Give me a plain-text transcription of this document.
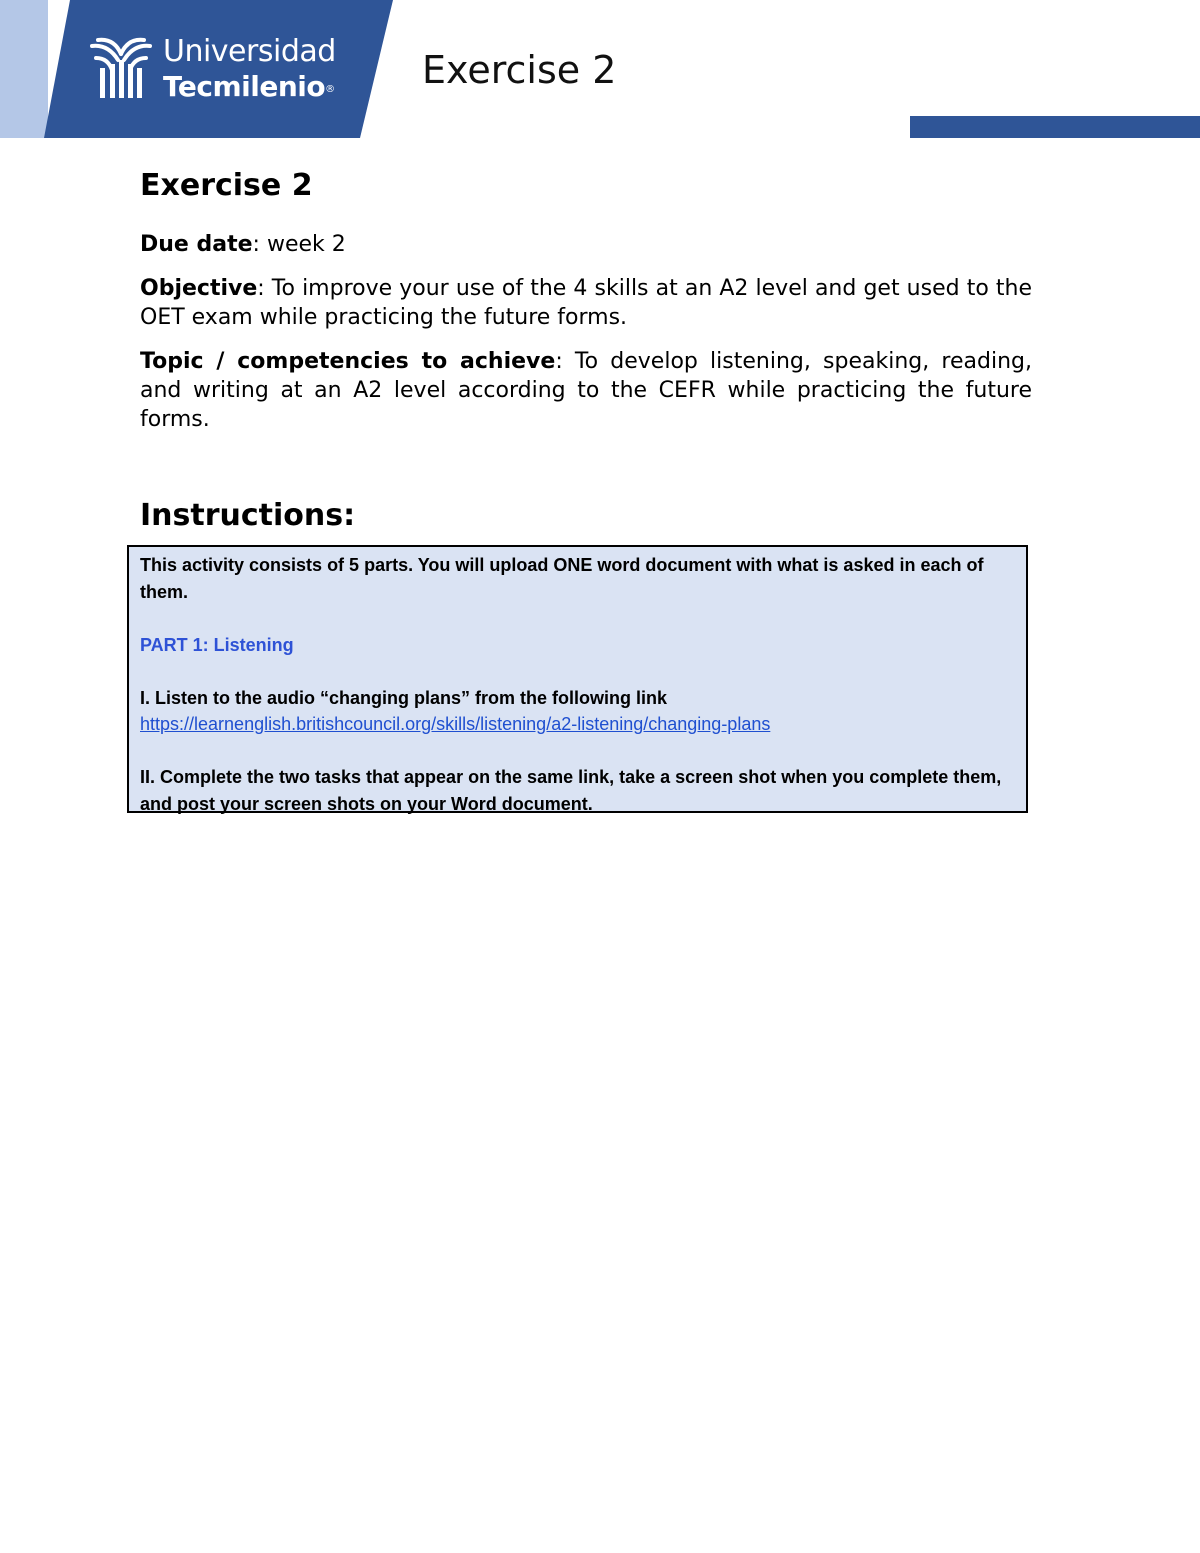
Universidad
Tecmilenio® Exercise 2
Exercise 2

Due date: week 2

Objective: To improve your use of the 4 skills at an A2 level and get used to the OET exam while practicing the future forms.

Topic / competencies to achieve: To develop listening, speaking, reading, and writing at an A2 level according to the CEFR while practicing the future forms.

Instructions:

This activity consists of 5 parts. You will upload ONE word document with what is asked in each of them.

PART 1: Listening

I. Listen to the audio “changing plans” from the following link

https://learnenglish.britishcouncil.org/skills/listening/a2-listening/changing-plans

II. Complete the two tasks that appear on the same link, take a screen shot when you complete them, and post your screen shots on your Word document.
